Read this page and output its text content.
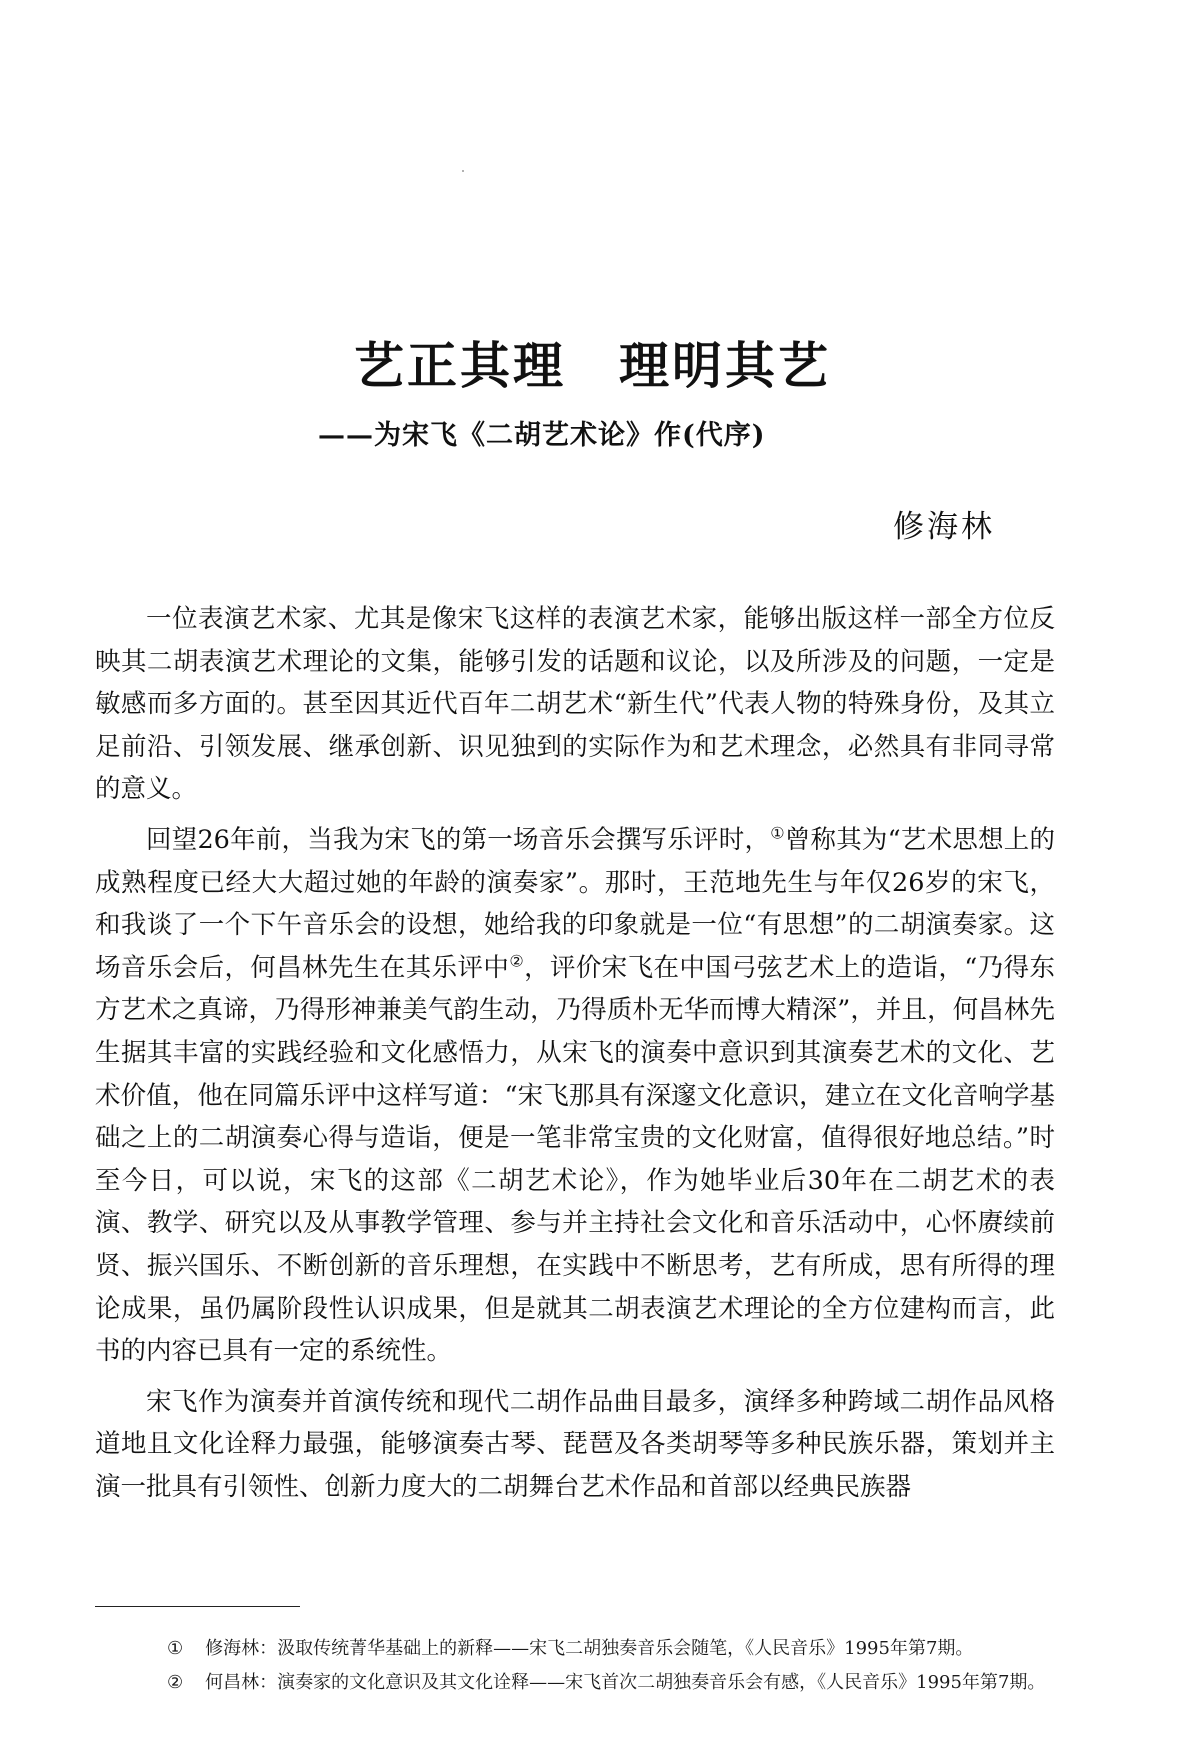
艺正其理　理明其艺
——为宋飞《二胡艺术论》作(代序)
修海林

一位表演艺术家、尤其是像宋飞这样的表演艺术家，能够出版这样一部全方位反映其二胡表演艺术理论的文集，能够引发的话题和议论，以及所涉及的问题，一定是敏感而多方面的。甚至因其近代百年二胡艺术“新生代”代表人物的特殊身份，及其立足前沿、引领发展、继承创新、识见独到的实际作为和艺术理念，必然具有非同寻常的意义。

回望26年前，当我为宋飞的第一场音乐会撰写乐评时，①曾称其为“艺术思想上的成熟程度已经大大超过她的年龄的演奏家”。那时，王范地先生与年仅26岁的宋飞，和我谈了一个下午音乐会的设想，她给我的印象就是一位“有思想”的二胡演奏家。这场音乐会后，何昌林先生在其乐评中②，评价宋飞在中国弓弦艺术上的造诣，“乃得东方艺术之真谛，乃得形神兼美气韵生动，乃得质朴无华而博大精深”，并且，何昌林先生据其丰富的实践经验和文化感悟力，从宋飞的演奏中意识到其演奏艺术的文化、艺术价值，他在同篇乐评中这样写道：“宋飞那具有深邃文化意识，建立在文化音响学基础之上的二胡演奏心得与造诣，便是一笔非常宝贵的文化财富，值得很好地总结。”时至今日，可以说，宋飞的这部《二胡艺术论》，作为她毕业后30年在二胡艺术的表演、教学、研究以及从事教学管理、参与并主持社会文化和音乐活动中，心怀赓续前贤、振兴国乐、不断创新的音乐理想，在实践中不断思考，艺有所成，思有所得的理论成果，虽仍属阶段性认识成果，但是就其二胡表演艺术理论的全方位建构而言，此书的内容已具有一定的系统性。

宋飞作为演奏并首演传统和现代二胡作品曲目最多，演绎多种跨域二胡作品风格道地且文化诠释力最强，能够演奏古琴、琵琶及各类胡琴等多种民族乐器，策划并主演一批具有引领性、创新力度大的二胡舞台艺术作品和首部以经典民族器

① 修海林：汲取传统菁华基础上的新释——宋飞二胡独奏音乐会随笔，《人民音乐》1995年第7期。

② 何昌林：演奏家的文化意识及其文化诠释——宋飞首次二胡独奏音乐会有感，《人民音乐》1995年第7期。
